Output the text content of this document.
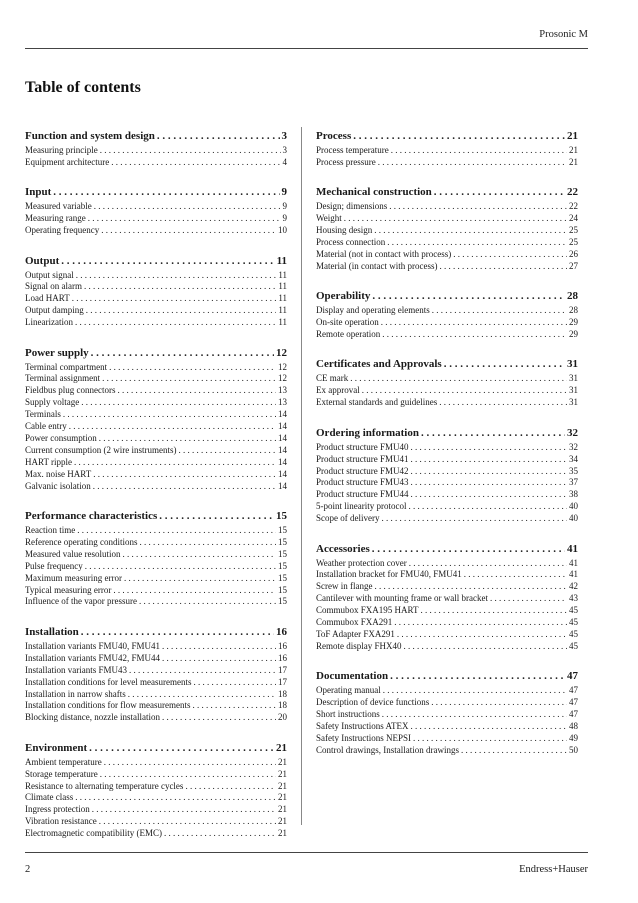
Prosonic M
Table of contents
Function and system design . . .	3
Measuring principle . . .	3
Equipment architecture . . .	4
Input . . .	9
Measured variable . . .	9
Measuring range . . .	9
Operating frequency . . .	10
Output . . .	11
Output signal . . .	11
Signal on alarm . . .	11
Load HART . . .	11
Output damping . . .	11
Linearization . . .	11
Power supply . . .	12
Terminal compartment . . .	12
Terminal assignment . . .	12
Fieldbus plug connectors . . .	13
Supply voltage . . .	13
Terminals . . .	14
Cable entry . . .	14
Power consumption . . .	14
Current consumption (2 wire instruments) . . .	14
HART ripple . . .	14
Max. noise HART . . .	14
Galvanic isolation . . .	14
Performance characteristics . . .	15
Reaction time . . .	15
Reference operating conditions . . .	15
Measured value resolution . . .	15
Pulse frequency . . .	15
Maximum measuring error . . .	15
Typical measuring error . . .	15
Influence of the vapor pressure . . .	15
Installation . . .	16
Installation variants FMU40, FMU41 . . .	16
Installation variants FMU42, FMU44 . . .	16
Installation variants FMU43 . . .	17
Installation conditions for level measurements . . .	17
Installation in narrow shafts . . .	18
Installation conditions for flow measurements . . .	18
Blocking distance, nozzle installation . . .	20
Environment . . .	21
Ambient temperature . . .	21
Storage temperature . . .	21
Resistance to alternating temperature cycles . . .	21
Climate class . . .	21
Ingress protection . . .	21
Vibration resistance . . .	21
Electromagnetic compatibility (EMC) . . .	21
Process . . .	21
Process temperature . . .	21
Process pressure . . .	21
Mechanical construction . . .	22
Design; dimensions . . .	22
Weight . . .	24
Housing design . . .	25
Process connection . . .	25
Material (not in contact with process) . . .	26
Material (in contact with process) . . .	27
Operability . . .	28
Display and operating elements . . .	28
On-site operation . . .	29
Remote operation . . .	29
Certificates and Approvals . . .	31
CE mark . . .	31
Ex approval . . .	31
External standards and guidelines . . .	31
Ordering information . . .	32
Product structure FMU40 . . .	32
Product structure FMU41 . . .	34
Product structure FMU42 . . .	35
Product structure FMU43 . . .	37
Product structure FMU44 . . .	38
5-point linearity protocol . . .	40
Scope of delivery . . .	40
Accessories . . .	41
Weather protection cover . . .	41
Installation bracket for FMU40, FMU41 . . .	41
Screw in flange . . .	42
Cantilever with mounting frame or wall bracket . . .	43
Commubox FXA195 HART . . .	45
Commubox FXA291 . . .	45
ToF Adapter FXA291 . . .	45
Remote display FHX40 . . .	45
Documentation . . .	47
Operating manual . . .	47
Description of device functions . . .	47
Short instructions . . .	47
Safety Instructions ATEX . . .	48
Safety Instructions NEPSI . . .	49
Control drawings, Installation drawings . . .	50
2	Endress+Hauser
